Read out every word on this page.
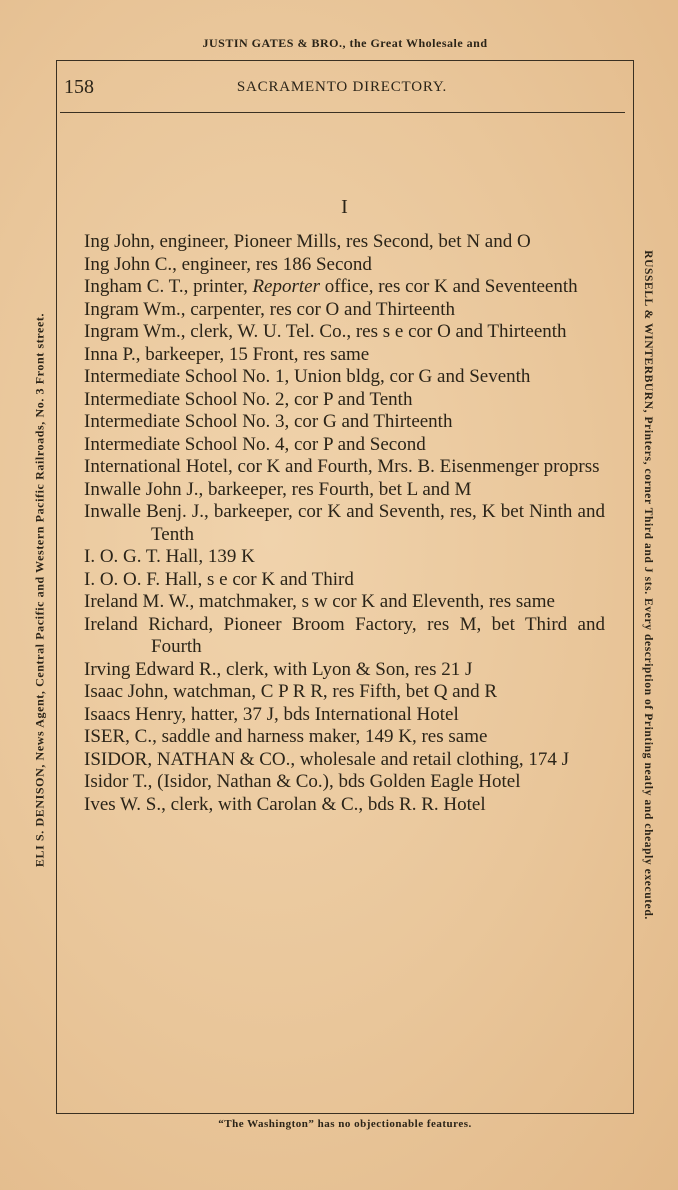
JUSTIN GATES & BRO., the Great Wholesale and
ELI S. DENISON, News Agent, Central Pacific and Western Pacific Railroads, No. 3 Front street.	RUSSELL & WINTERBURN, Printers, corner Third and J sts. Every description of Printing neatly and cheaply executed.
158	SACRAMENTO DIRECTORY.
I
Ing John, engineer, Pioneer Mills, res Second, bet N and O
Ing John C., engineer, res 186 Second
Ingham C. T., printer, Reporter office, res cor K and Seventeenth
Ingram Wm., carpenter, res cor O and Thirteenth
Ingram Wm., clerk, W. U. Tel. Co., res s e cor O and Thirteenth
Inna P., barkeeper, 15 Front, res same
Intermediate School No. 1, Union bldg, cor G and Seventh
Intermediate School No. 2, cor P and Tenth
Intermediate School No. 3, cor G and Thirteenth
Intermediate School No. 4, cor P and Second
International Hotel, cor K and Fourth, Mrs. B. Eisenmenger proprss
Inwalle John J., barkeeper, res Fourth, bet L and M
Inwalle Benj. J., barkeeper, cor K and Seventh, res, K bet Ninth and Tenth
I. O. G. T. Hall, 139 K
I. O. O. F. Hall, s e cor K and Third
Ireland M. W., matchmaker, s w cor K and Eleventh, res same
Ireland Richard, Pioneer Broom Factory, res M, bet Third and Fourth
Irving Edward R., clerk, with Lyon & Son, res 21 J
Isaac John, watchman, C P R R, res Fifth, bet Q and R
Isaacs Henry, hatter, 37 J, bds International Hotel
ISER, C., saddle and harness maker, 149 K, res same
ISIDOR, NATHAN & CO., wholesale and retail clothing, 174 J
Isidor T., (Isidor, Nathan & Co.), bds Golden Eagle Hotel
Ives W. S., clerk, with Carolan & C., bds R. R. Hotel
“The Washington” has no objectionable features.
